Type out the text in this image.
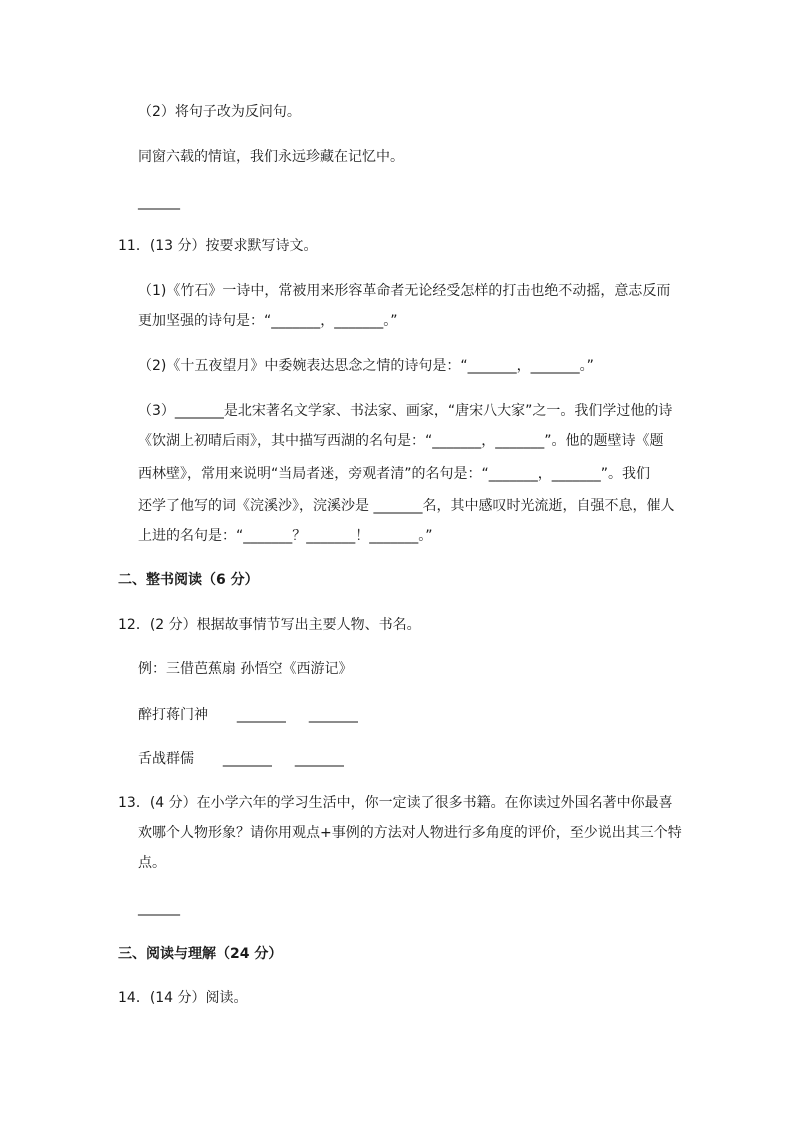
（2）将句子改为反问句。
同窗六载的情谊，我们永远珍藏在记忆中。
______
11．(13 分）按要求默写诗文。
（1)《竹石》一诗中，常被用来形容革命者无论经受怎样的打击也绝不动摇，意志反而
更加坚强的诗句是：“_______，_______。”
（2)《十五夜望月》中委婉表达思念之情的诗句是：“_______，_______。”
（3）_______是北宋著名文学家、书法家、画家，“唐宋八大家”之一。我们学过他的诗
《饮湖上初晴后雨》，其中描写西湖的名句是：“_______，_______”。他的题壁诗《题
西林壁》，常用来说明“当局者迷，旁观者清”的名句是：“_______，_______”。我们
还学了他写的词《浣溪沙》，浣溪沙是 _______名，其中感叹时光流逝，自强不息，催人
上进的名句是：“_______？_______！_______。”
二、整书阅读（6 分）
12．(2 分）根据故事情节写出主要人物、书名。
例：三借芭蕉扇 孙悟空《西游记》
醉打蒋门神 _______ _______
舌战群儒 _______ _______
13．(4 分）在小学六年的学习生活中，你一定读了很多书籍。在你读过外国名著中你最喜
欢哪个人物形象？请你用观点+事例的方法对人物进行多角度的评价，至少说出其三个特
点。
______
三、阅读与理解（24 分）
14．(14 分）阅读。
